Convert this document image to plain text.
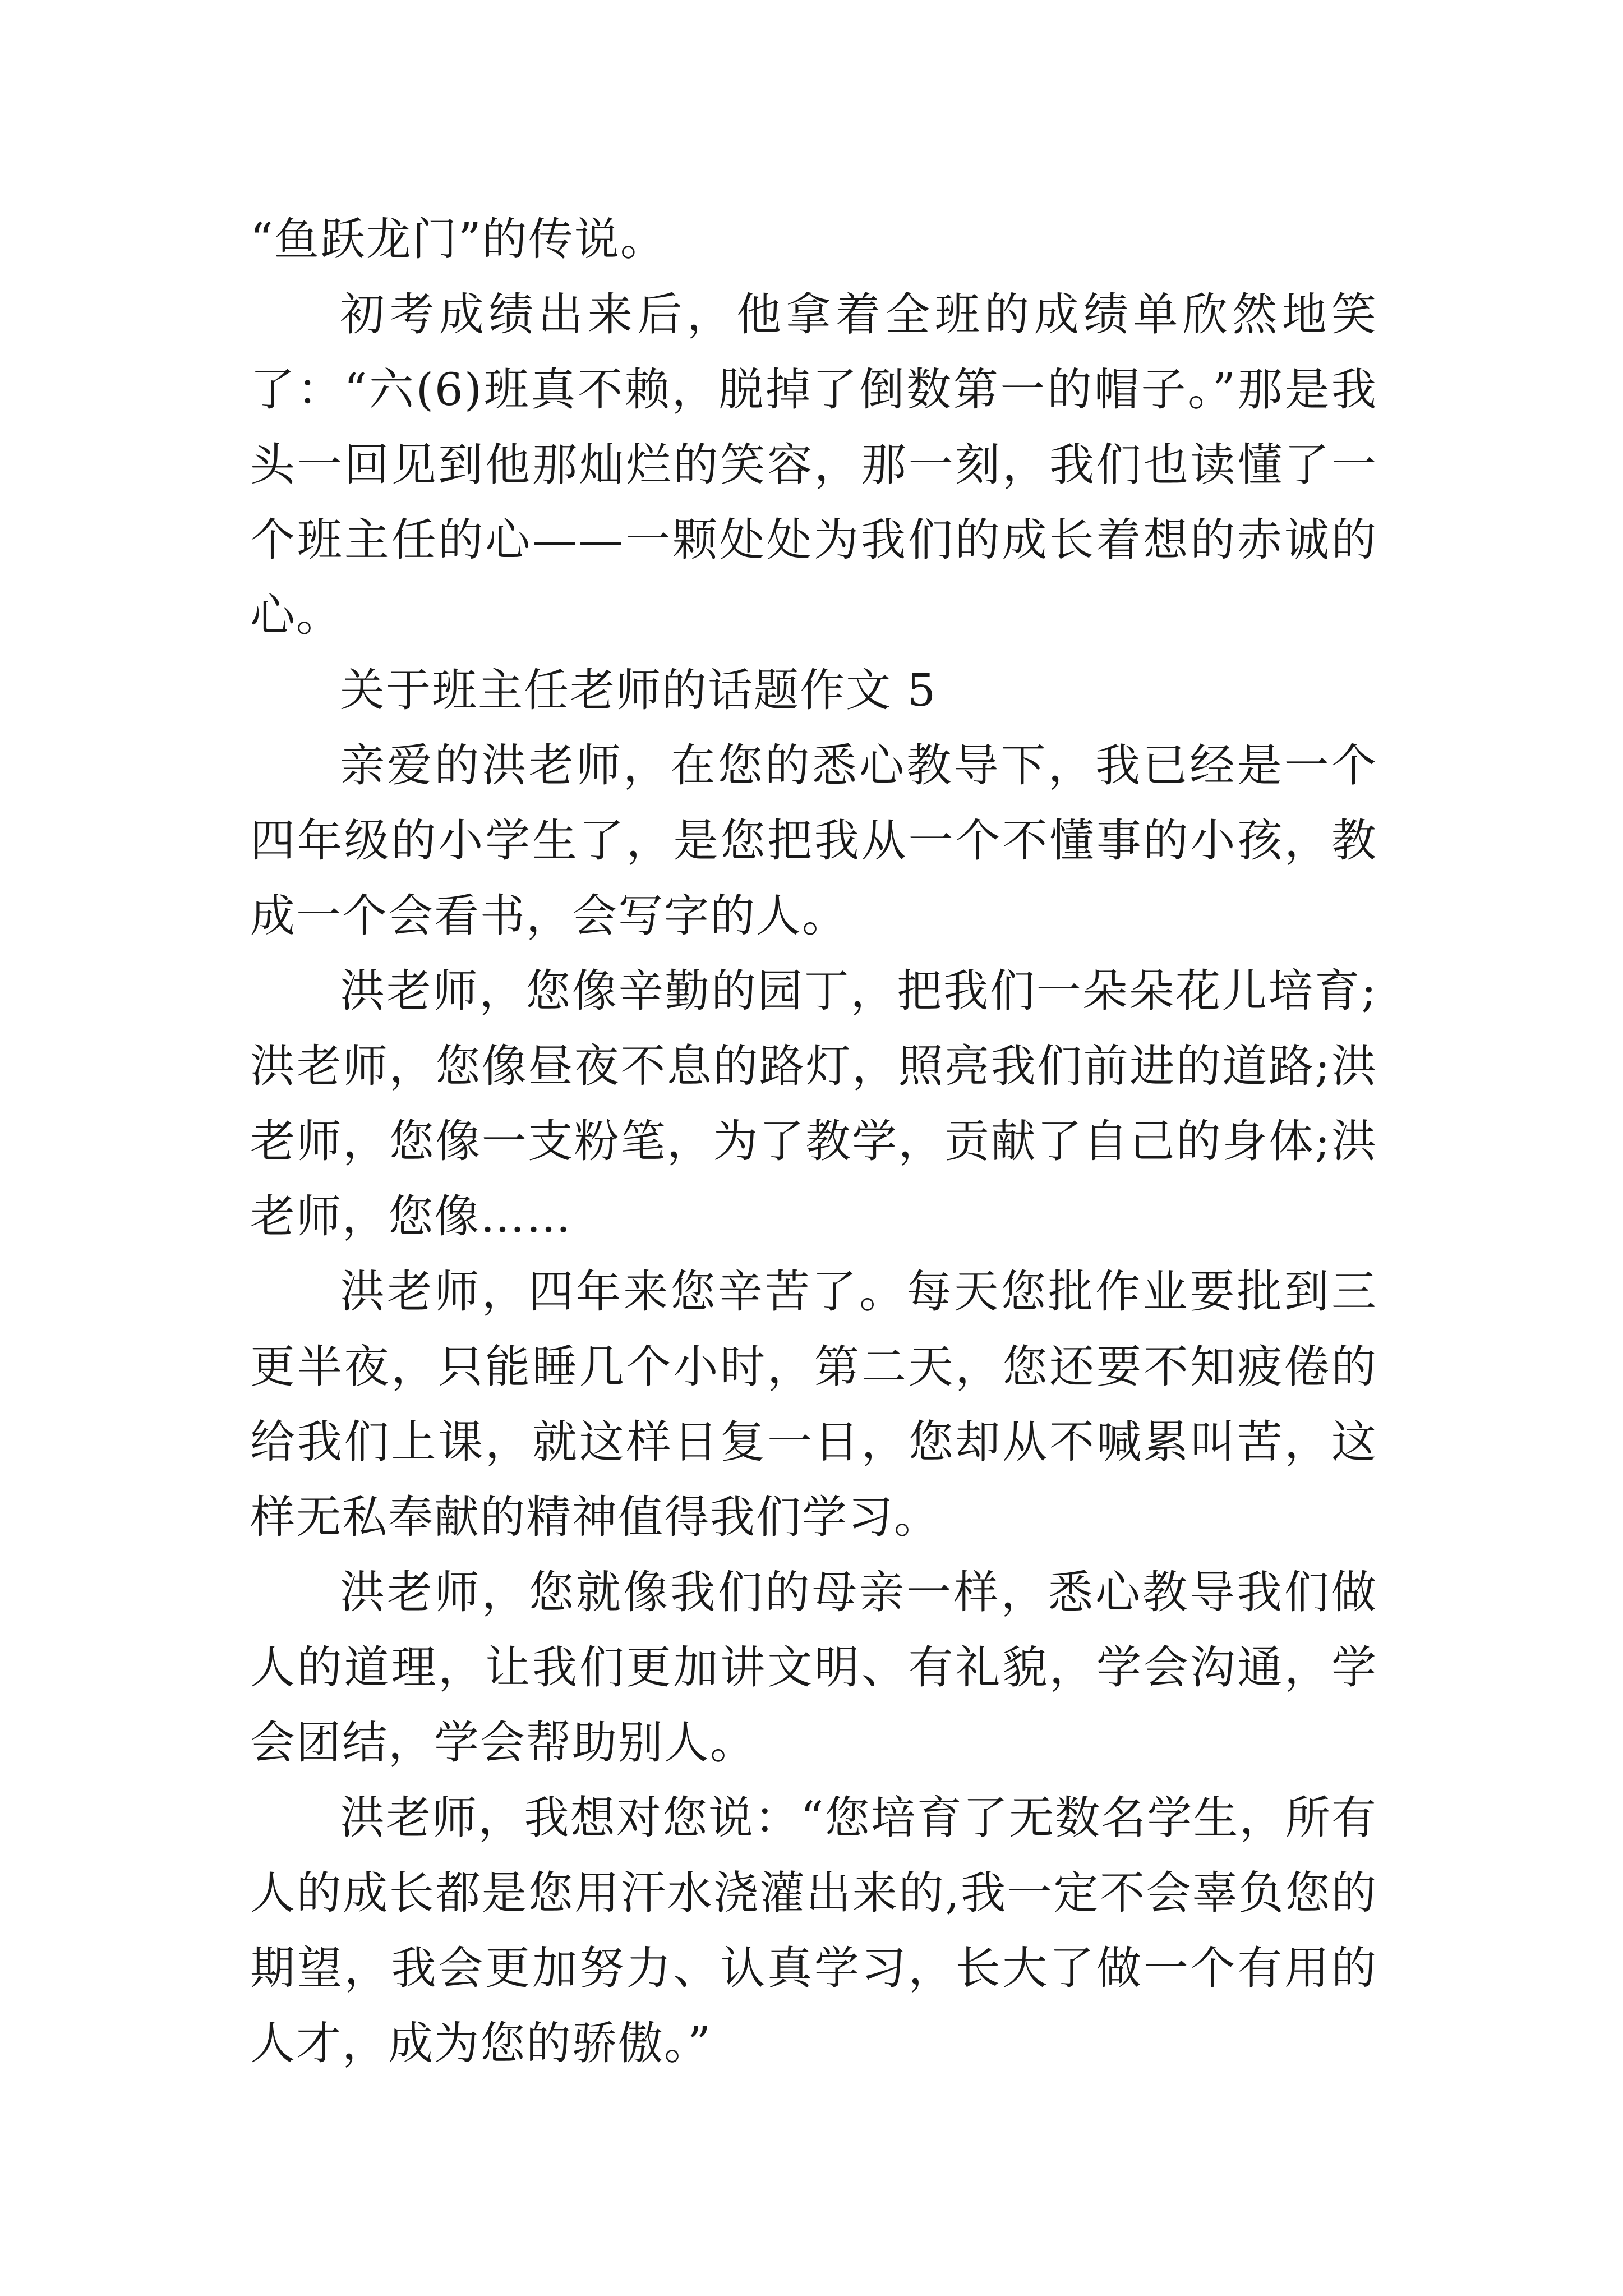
“鱼跃龙门”的传说。

初考成绩出来后，他拿着全班的成绩单欣然地笑了：“六(6)班真不赖，脱掉了倒数第一的帽子。”那是我头一回见到他那灿烂的笑容，那一刻，我们也读懂了一个班主任的心——一颗处处为我们的成长着想的赤诚的心。

关于班主任老师的话题作文 5

亲爱的洪老师，在您的悉心教导下，我已经是一个四年级的小学生了，是您把我从一个不懂事的小孩，教成一个会看书，会写字的人。

洪老师，您像辛勤的园丁，把我们一朵朵花儿培育;洪老师，您像昼夜不息的路灯，照亮我们前进的道路;洪老师，您像一支粉笔，为了教学，贡献了自己的身体;洪老师，您像……

洪老师，四年来您辛苦了。每天您批作业要批到三更半夜，只能睡几个小时，第二天，您还要不知疲倦的给我们上课，就这样日复一日，您却从不喊累叫苦，这样无私奉献的精神值得我们学习。

洪老师，您就像我们的母亲一样，悉心教导我们做人的道理，让我们更加讲文明、有礼貌，学会沟通，学会团结，学会帮助别人。

洪老师，我想对您说：“您培育了无数名学生，所有人的成长都是您用汗水浇灌出来的,我一定不会辜负您的期望，我会更加努力、认真学习，长大了做一个有用的人才，成为您的骄傲。”
